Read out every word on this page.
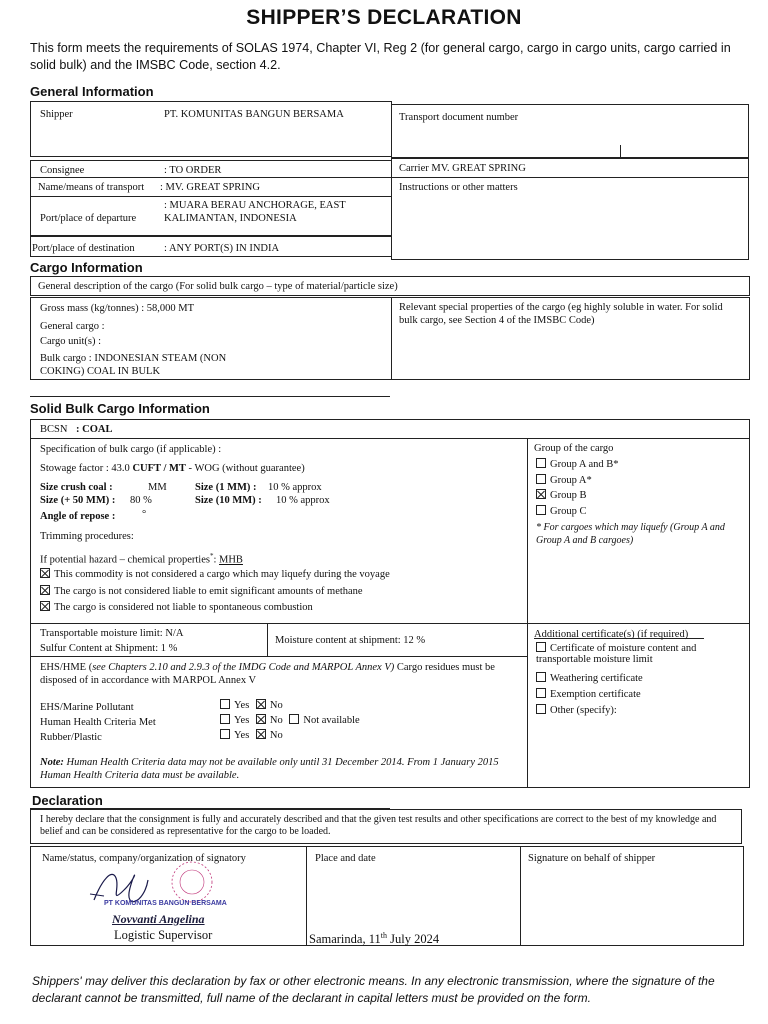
SHIPPER’S DECLARATION
This form meets the requirements of SOLAS 1974, Chapter VI, Reg 2 (for general cargo, cargo in cargo units, cargo carried in solid bulk) and the IMSBC Code, section 4.2.
General Information
Shipper	PT. KOMUNITAS BANGUN BERSAMA	Transport document number
Consignee	: TO ORDER	Carrier MV. GREAT SPRING
Name/means of transport : MV. GREAT SPRING	Instructions or other matters
Port/place of departure
: MUARA BERAU ANCHORAGE, EAST KALIMANTAN, INDONESIA
Port/place of destination	: ANY PORT(S) IN INDIA
Cargo Information
General description of the cargo (For solid bulk cargo – type of material/particle size)
Gross mass (kg/tonnes) : 58,000 MT
General cargo :
Cargo unit(s) :
Bulk cargo : INDONESIAN STEAM (NON COKING) COAL IN BULK
Relevant special properties of the cargo (eg highly soluble in water. For solid bulk cargo, see Section 4 of the IMSBC Code)
Solid Bulk Cargo Information
BCSN : COAL
Specification of bulk cargo (if applicable) :
Stowage factor : 43.0 CUFT / MT - WOG (without guarantee)
Size crush coal :	MM
Size (+ 50 MM) : 80 %
Size (1 MM) : 10 % approx
Size (10 MM) : 10 % approx
Angle of repose :	°
Trimming procedures:
If potential hazard – chemical properties*: MHB
This commodity is not considered a cargo which may liquefy during the voyage
The cargo is not considered liable to emit significant amounts of methane
The cargo is considered not liable to spontaneous combustion
Group of the cargo
Group A and B*
Group A*
Group B
Group C
* For cargoes which may liquefy (Group A and Group A and B cargoes)
Transportable moisture limit: N/A
Sulfur Content at Shipment: 1 %
Moisture content at shipment: 12 %
EHS/HME (see Chapters 2.10 and 2.9.3 of the IMDG Code and MARPOL Annex V) Cargo residues must be disposed of in accordance with MARPOL Annex V
EHS/Marine Pollutant	Yes No
Human Health Criteria Met	Yes No Not available
Rubber/Plastic	Yes No
Note: Human Health Criteria data may not be available only until 31 December 2014. From 1 January 2015 Human Health Criteria data must be available.
Additional certificate(s) (if required)
Certificate of moisture content and transportable moisture limit
Weathering certificate
Exemption certificate
Other (specify):
Declaration
I hereby declare that the consignment is fully and accurately described and that the given test results and other specifications are correct to the best of my knowledge and belief and can be considered as representative for the cargo to be loaded.
Name/status, company/organization of signatory	Place and date	Signature on behalf of shipper
PT KOMUNITAS BANGUN BERSAMA
Novvanti Angelina
Logistic Supervisor	Samarinda, 11th July 2024
Shippers' may deliver this declaration by fax or other electronic means. In any electronic transmission, where the signature of the declarant cannot be transmitted, full name of the declarant in capital letters must be provided on the form.
